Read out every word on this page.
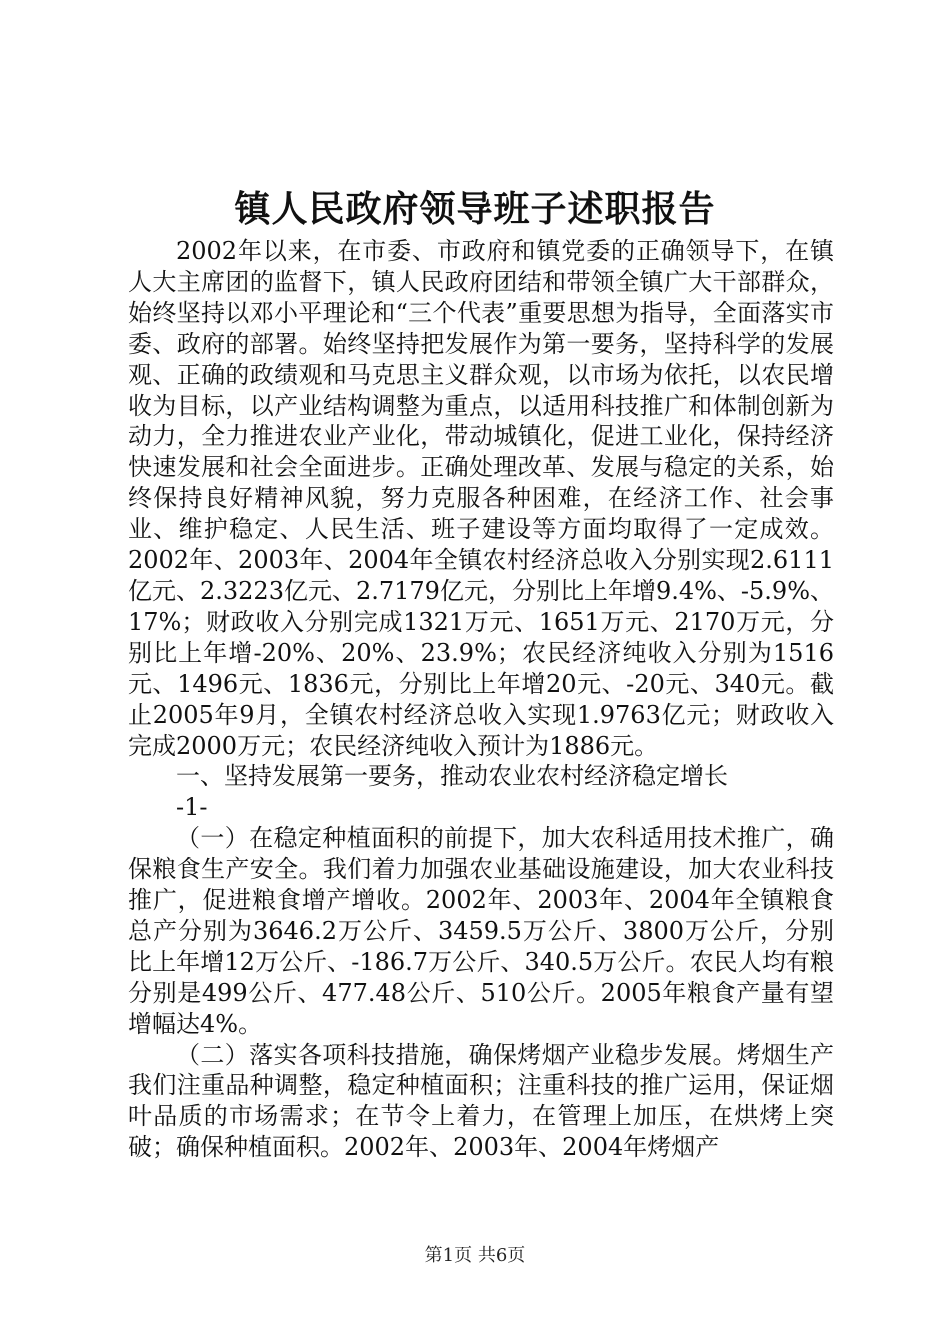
镇人民政府领导班子述职报告

2002年以来，在市委、市政府和镇党委的正确领导下，在镇人大主席团的监督下，镇人民政府团结和带领全镇广大干部群众，始终坚持以邓小平理论和“三个代表”重要思想为指导，全面落实市委、政府的部署。始终坚持把发展作为第一要务，坚持科学的发展观、正确的政绩观和马克思主义群众观，以市场为依托，以农民增收为目标，以产业结构调整为重点，以适用科技推广和体制创新为动力，全力推进农业产业化，带动城镇化，促进工业化，保持经济快速发展和社会全面进步。正确处理改革、发展与稳定的关系，始终保持良好精神风貌，努力克服各种困难，在经济工作、社会事业、维护稳定、人民生活、班子建设等方面均取得了一定成效。2002年、2003年、2004年全镇农村经济总收入分别实现2.6111亿元、2.3223亿元、2.7179亿元，分别比上年增9.4%、-5.9%、17%；财政收入分别完成1321万元、1651万元、2170万元，分别比上年增-20%、20%、23.9%；农民经济纯收入分别为1516元、1496元、1836元，分别比上年增20元、-20元、340元。截止2005年9月，全镇农村经济总收入实现1.9763亿元；财政收入完成2000万元；农民经济纯收入预计为1886元。

一、坚持发展第一要务，推动农业农村经济稳定增长

-1-

（一）在稳定种植面积的前提下，加大农科适用技术推广，确保粮食生产安全。我们着力加强农业基础设施建设，加大农业科技推广，促进粮食增产增收。2002年、2003年、2004年全镇粮食总产分别为3646.2万公斤、3459.5万公斤、3800万公斤，分别比上年增12万公斤、-186.7万公斤、340.5万公斤。农民人均有粮分别是499公斤、477.48公斤、510公斤。2005年粮食产量有望增幅达4%。

（二）落实各项科技措施，确保烤烟产业稳步发展。烤烟生产我们注重品种调整，稳定种植面积；注重科技的推广运用，保证烟叶品质的市场需求；在节令上着力，在管理上加压，在烘烤上突破；确保种植面积。2002年、2003年、2004年烤烟产

第1页 共6页
